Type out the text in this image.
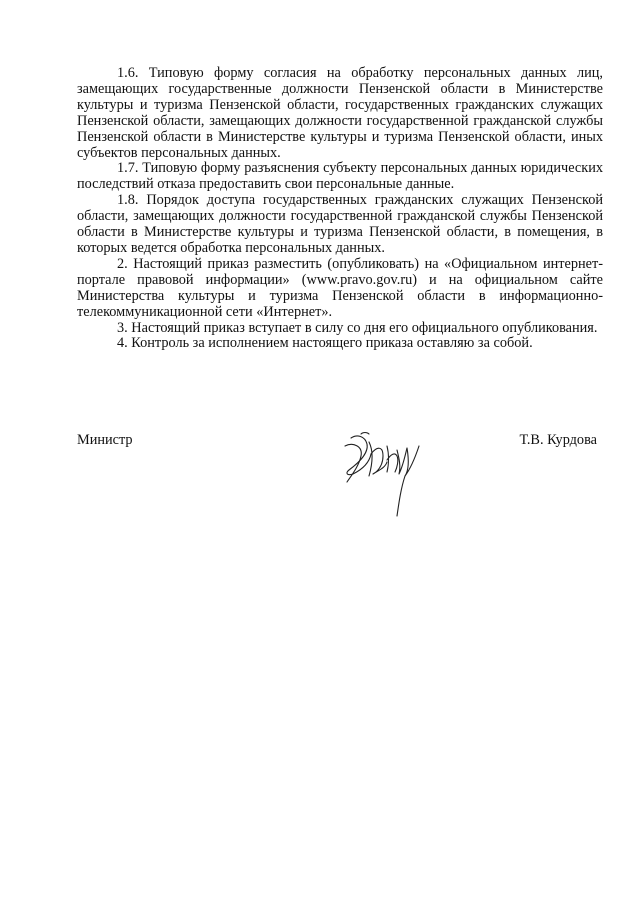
1.6. Типовую форму согласия на обработку персональных данных лиц, замещающих государственные должности Пензенской области в Министерстве культуры и туризма Пензенской области, государственных гражданских служащих Пензенской области, замещающих должности государственной гражданской службы Пензенской области в Министерстве культуры и туризма Пензенской области, иных субъектов персональных данных.

1.7. Типовую форму разъяснения субъекту персональных данных юридических последствий отказа предоставить свои персональные данные.

1.8. Порядок доступа государственных гражданских служащих Пензенской области, замещающих должности государственной гражданской службы Пензенской области в Министерстве культуры и туризма Пензенской области, в помещения, в которых ведется обработка персональных данных.

2. Настоящий приказ разместить (опубликовать) на «Официальном интернет-портале правовой информации» (www.pravo.gov.ru) и на официальном сайте Министерства культуры и туризма Пензенской области в информационно-телекоммуникационной сети «Интернет».

3. Настоящий приказ вступает в силу со дня его официального опубликования.

4. Контроль за исполнением настоящего приказа оставляю за собой.

Министр	Т.В. Курдова
